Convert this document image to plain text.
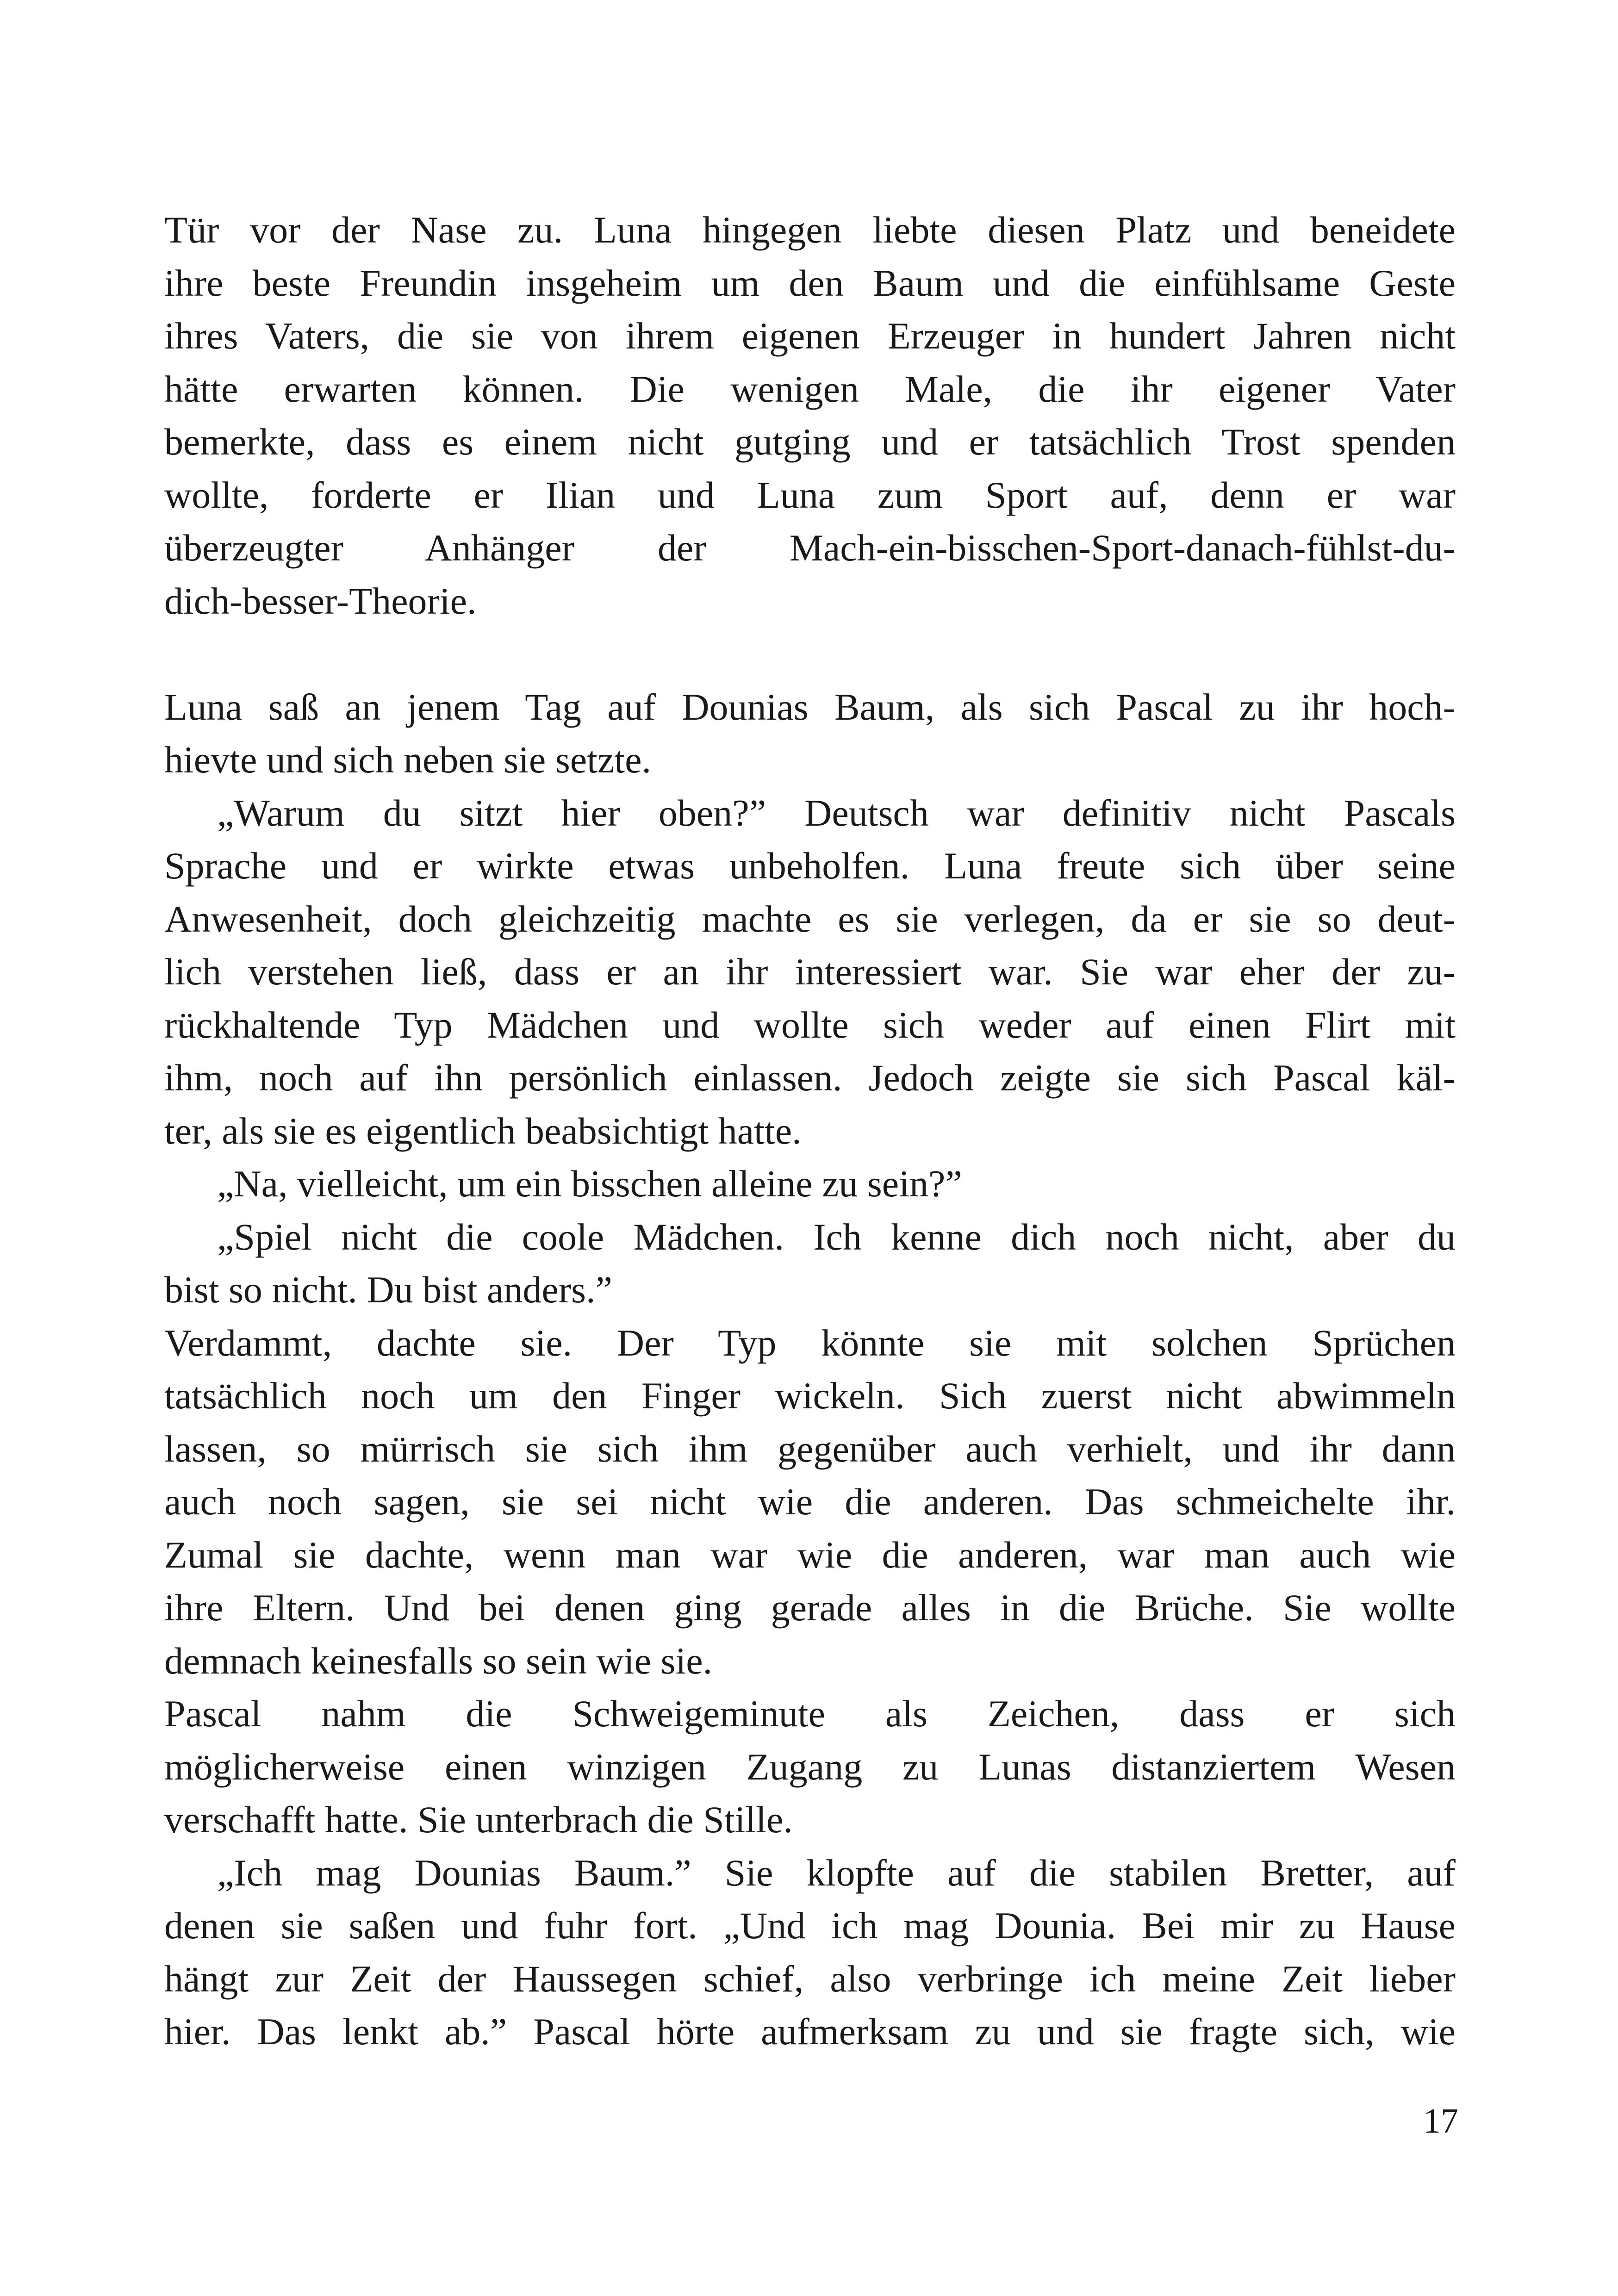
Tür vor der Nase zu. Luna hingegen liebte diesen Platz und beneidete
ihre beste Freundin insgeheim um den Baum und die einfühlsame Geste
ihres Vaters, die sie von ihrem eigenen Erzeuger in hundert Jahren nicht
hätte erwarten können. Die wenigen Male, die ihr eigener Vater
bemerkte, dass es einem nicht gutging und er tatsächlich Trost spenden
wollte, forderte er Ilian und Luna zum Sport auf, denn er war
überzeugter Anhänger der Mach-ein-bisschen-Sport-danach-fühlst-du-
dich-besser-Theorie.
Luna saß an jenem Tag auf Dounias Baum, als sich Pascal zu ihr hoch-
hievte und sich neben sie setzte.
„Warum du sitzt hier oben?” Deutsch war definitiv nicht Pascals
Sprache und er wirkte etwas unbeholfen. Luna freute sich über seine
Anwesenheit, doch gleichzeitig machte es sie verlegen, da er sie so deut-
lich verstehen ließ, dass er an ihr interessiert war. Sie war eher der zu-
rückhaltende Typ Mädchen und wollte sich weder auf einen Flirt mit
ihm, noch auf ihn persönlich einlassen. Jedoch zeigte sie sich Pascal käl-
ter, als sie es eigentlich beabsichtigt hatte.
„Na, vielleicht, um ein bisschen alleine zu sein?”
„Spiel nicht die coole Mädchen. Ich kenne dich noch nicht, aber du
bist so nicht. Du bist anders.”
Verdammt, dachte sie. Der Typ könnte sie mit solchen Sprüchen
tatsächlich noch um den Finger wickeln. Sich zuerst nicht abwimmeln
lassen, so mürrisch sie sich ihm gegenüber auch verhielt, und ihr dann
auch noch sagen, sie sei nicht wie die anderen. Das schmeichelte ihr.
Zumal sie dachte, wenn man war wie die anderen, war man auch wie
ihre Eltern. Und bei denen ging gerade alles in die Brüche. Sie wollte
demnach keinesfalls so sein wie sie.
Pascal nahm die Schweigeminute als Zeichen, dass er sich
möglicherweise einen winzigen Zugang zu Lunas distanziertem Wesen
verschafft hatte. Sie unterbrach die Stille.
„Ich mag Dounias Baum.” Sie klopfte auf die stabilen Bretter, auf
denen sie saßen und fuhr fort. „Und ich mag Dounia. Bei mir zu Hause
hängt zur Zeit der Haussegen schief, also verbringe ich meine Zeit lieber
hier. Das lenkt ab.” Pascal hörte aufmerksam zu und sie fragte sich, wie
17
